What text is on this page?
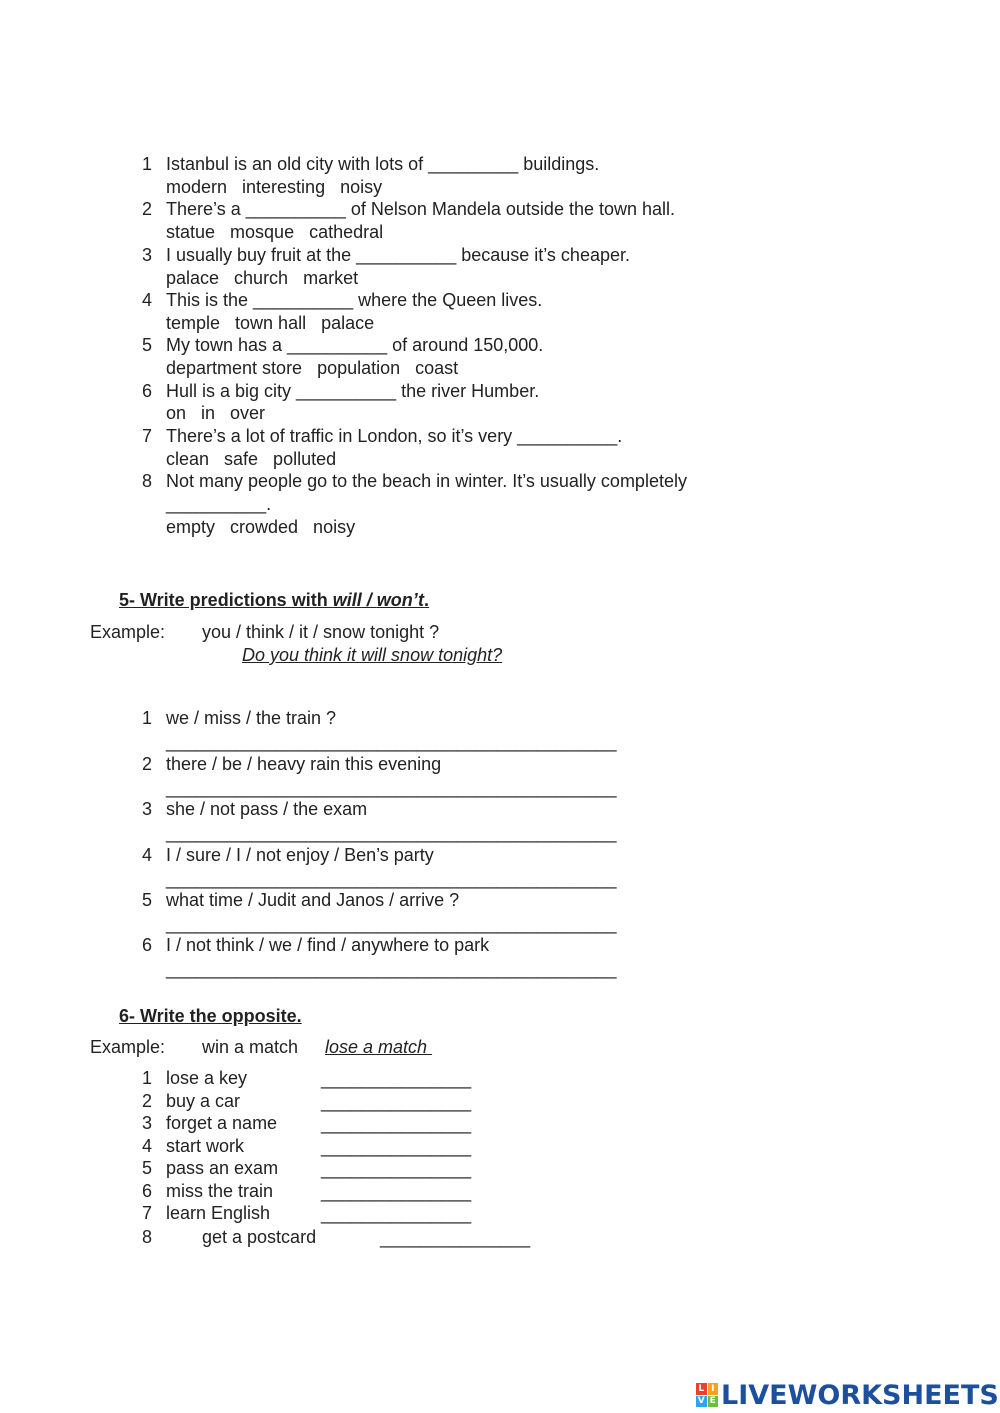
1 Istanbul is an old city with lots of _________ buildings.
modern   interesting   noisy
2 There’s a __________ of Nelson Mandela outside the town hall.
statue   mosque   cathedral
3 I usually buy fruit at the __________ because it’s cheaper.
palace   church   market
4 This is the __________ where the Queen lives.
temple   town hall   palace
5 My town has a __________ of around 150,000.
department store   population   coast
6 Hull is a big city __________ the river Humber.
on   in   over
7 There’s a lot of traffic in London, so it’s very __________.
clean   safe   polluted
8 Not many people go to the beach in winter. It’s usually completely
__________.
empty   crowded   noisy
5- Write predictions with will / won’t.
Example: you / think / it / snow tonight ?
Do you think it will snow tonight?
1 we / miss / the train ?
_____________________________________________
2 there / be / heavy rain this evening
_____________________________________________
3 she / not pass / the exam
_____________________________________________
4 I / sure / I / not enjoy / Ben’s party
_____________________________________________
5 what time / Judit and Janos / arrive ?
_____________________________________________
6 I / not think / we / find / anywhere to park
_____________________________________________
6- Write the opposite.
Example: win a match lose a match
1 lose a key	_______________
2 buy a car	_______________
3 forget a name _______________
4 start work	_______________
5 pass an exam _______________
6 miss the train	_______________
7 learn English	_______________
8	get a postcard	_______________
L I
V E LIVEWORKSHEETS
